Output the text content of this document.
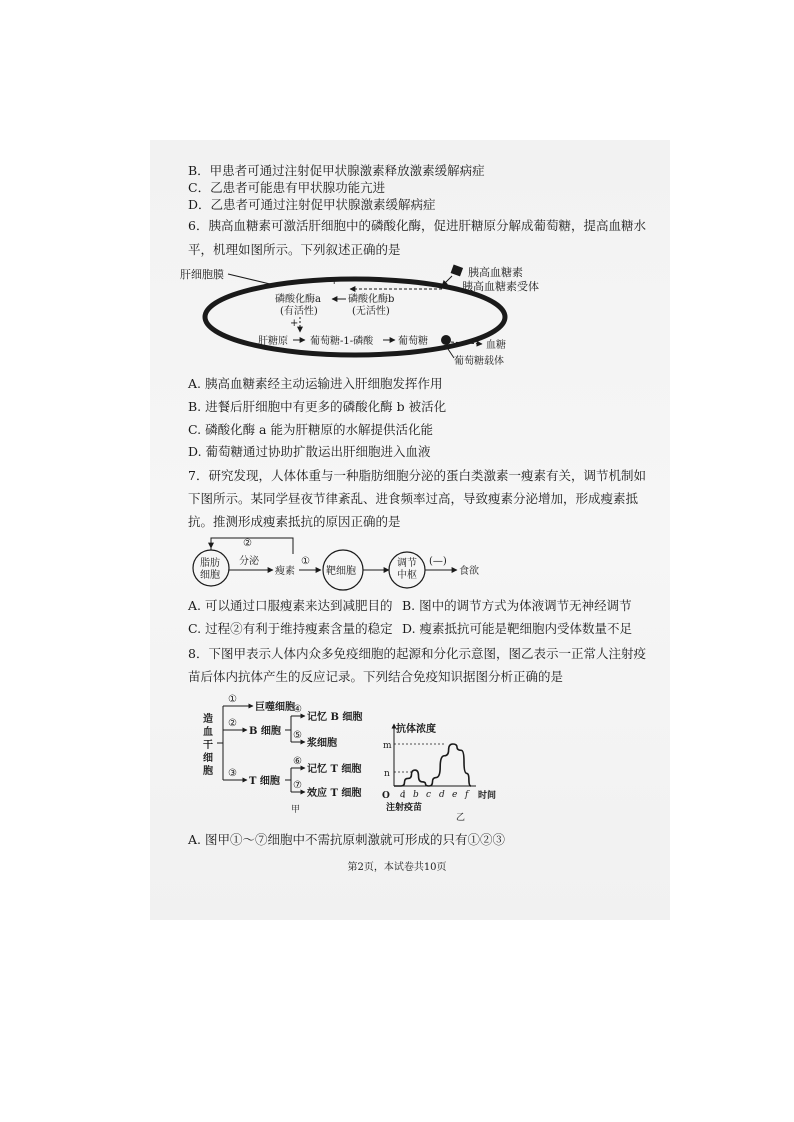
B．甲患者可通过注射促甲状腺激素释放激素缓解病症
C．乙患者可能患有甲状腺功能亢进
D．乙患者可通过注射促甲状腺激素缓解病症
6．胰高血糖素可激活肝细胞中的磷酸化酶，促进肝糖原分解成葡萄糖，提高血糖水
平，机理如图所示。下列叙述正确的是
肝细胞膜	胰高血糖素
胰高血糖素受体
+
磷酸化酶a
(有活性)
磷酸化酶b
(无活性)
+
肝糖原 葡萄糖-1-磷酸 葡萄糖	血糖
葡萄糖载体
A. 胰高血糖素经主动运输进入肝细胞发挥作用
B. 进餐后肝细胞中有更多的磷酸化酶 b 被活化
C. 磷酸化酶 a 能为肝糖原的水解提供活化能
D. 葡萄糖通过协助扩散运出肝细胞进入血液
7．研究发现，人体体重与一种脂肪细胞分泌的蛋白类激素一瘦素有关，调节机制如
下图所示。某同学昼夜节律紊乱、进食频率过高，导致瘦素分泌增加，形成瘦素抵
抗。推测形成瘦素抵抗的原因正确的是
②
脂肪
细胞
分泌
瘦素
①
靶细胞
调节
中枢
(—)
食欲
A. 可以通过口服瘦素来达到减肥目的 B. 图中的调节方式为体液调节无神经调节
C. 过程②有利于维持瘦素含量的稳定 D. 瘦素抵抗可能是靶细胞内受体数量不足
8．下图甲表示人体内众多免疫细胞的起源和分化示意图，图乙表示一正常人注射疫
苗后体内抗体产生的反应记录。下列结合免疫知识据图分析正确的是
造
血
干
细
胞
①
②
③
巨噬细胞
B 细胞
④
⑤
记忆 B 细胞
浆细胞
T 细胞
⑥
⑦
记忆 T 细胞
效应 T 细胞
甲
抗体浓度
m
n
a b c d e f
O	时间
注射疫苗
乙
A. 图甲①～⑦细胞中不需抗原刺激就可形成的只有①②③
第2页，本试卷共10页
